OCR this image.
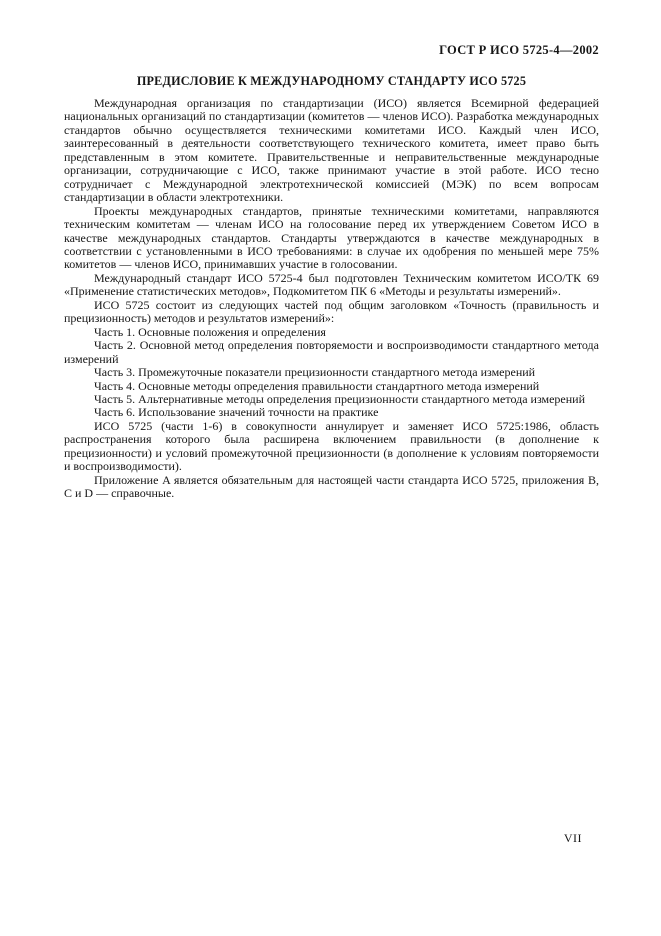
ГОСТ Р ИСО 5725-4—2002
ПРЕДИСЛОВИЕ К МЕЖДУНАРОДНОМУ СТАНДАРТУ ИСО 5725

Международная организация по стандартизации (ИСО) является Всемирной федерацией национальных организаций по стандартизации (комитетов — членов ИСО). Разработка международных стандартов обычно осуществляется техническими комитетами ИСО. Каждый член ИСО, заинтересованный в деятельности соответствующего технического комитета, имеет право быть представленным в этом комитете. Правительственные и неправительственные международные организации, сотрудничающие с ИСО, также принимают участие в этой работе. ИСО тесно сотрудничает с Международной электротехнической комиссией (МЭК) по всем вопросам стандартизации в области электротехники.

Проекты международных стандартов, принятые техническими комитетами, направляются техническим комитетам — членам ИСО на голосование перед их утверждением Советом ИСО в качестве международных стандартов. Стандарты утверждаются в качестве международных в соответствии с установленными в ИСО требованиями: в случае их одобрения по меньшей мере 75% комитетов — членов ИСО, принимавших участие в голосовании.

Международный стандарт ИСО 5725-4 был подготовлен Техническим комитетом ИСО/ТК 69 «Применение статистических методов», Подкомитетом ПК 6 «Методы и результаты измерений».

ИСО 5725 состоит из следующих частей под общим заголовком «Точность (правильность и прецизионность) методов и результатов измерений»:

Часть 1. Основные положения и определения

Часть 2. Основной метод определения повторяемости и воспроизводимости стандартного метода измерений

Часть 3. Промежуточные показатели прецизионности стандартного метода измерений

Часть 4. Основные методы определения правильности стандартного метода измерений

Часть 5. Альтернативные методы определения прецизионности стандартного метода измерений

Часть 6. Использование значений точности на практике

ИСО 5725 (части 1-6) в совокупности аннулирует и заменяет ИСО 5725:1986, область распространения которого была расширена включением правильности (в дополнение к прецизионности) и условий промежуточной прецизионности (в дополнение к условиям повторяемости и воспроизводимости).

Приложение A является обязательным для настоящей части стандарта ИСО 5725, приложения B, C и D — справочные.

VII
